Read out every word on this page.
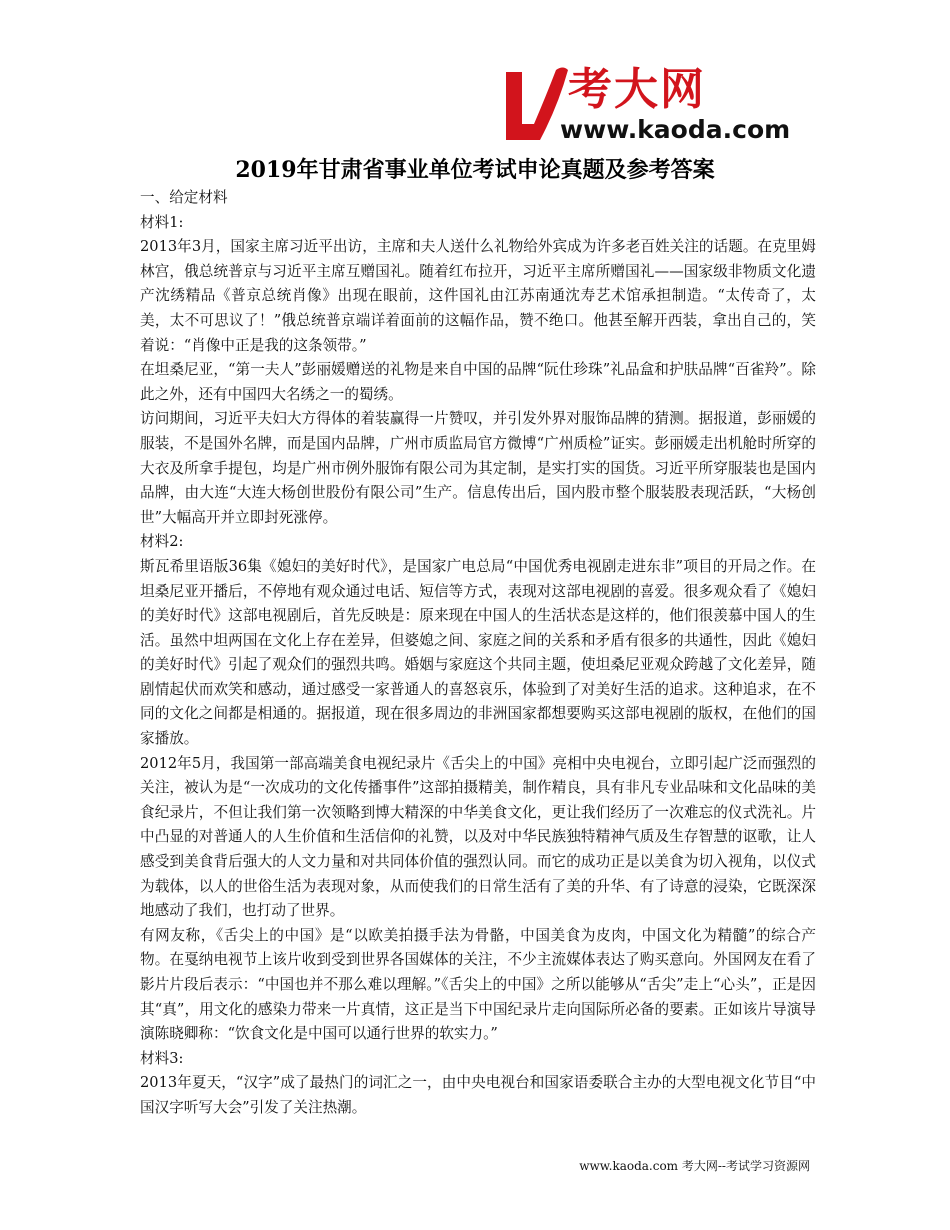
考大网
www.kaoda.com
2019年甘肃省事业单位考试申论真题及参考答案

一、给定材料

材料1:

2013年3月，国家主席习近平出访，主席和夫人送什么礼物给外宾成为许多老百姓关注的话题。在克里姆林宫，俄总统普京与习近平主席互赠国礼。随着红布拉开，习近平主席所赠国礼——国家级非物质文化遗产沈绣精品《普京总统肖像》出现在眼前，这件国礼由江苏南通沈寿艺术馆承担制造。“太传奇了，太美，太不可思议了！”俄总统普京端详着面前的这幅作品，赞不绝口。他甚至解开西装，拿出自己的，笑着说：“肖像中正是我的这条领带。”

在坦桑尼亚，“第一夫人”彭丽媛赠送的礼物是来自中国的品牌“阮仕珍珠”礼品盒和护肤品牌“百雀羚”。除此之外，还有中国四大名绣之一的蜀绣。

访问期间，习近平夫妇大方得体的着装赢得一片赞叹，并引发外界对服饰品牌的猜测。据报道，彭丽媛的服装，不是国外名牌，而是国内品牌，广州市质监局官方微博“广州质检”证实。彭丽媛走出机舱时所穿的大衣及所拿手提包，均是广州市例外服饰有限公司为其定制，是实打实的国货。习近平所穿服装也是国内品牌，由大连“大连大杨创世股份有限公司”生产。信息传出后，国内股市整个服装股表现活跃，“大杨创世”大幅高开并立即封死涨停。

材料2:

斯瓦希里语版36集《媳妇的美好时代》，是国家广电总局“中国优秀电视剧走进东非”项目的开局之作。在坦桑尼亚开播后，不停地有观众通过电话、短信等方式，表现对这部电视剧的喜爱。很多观众看了《媳妇的美好时代》这部电视剧后，首先反映是：原来现在中国人的生活状态是这样的，他们很羡慕中国人的生活。虽然中坦两国在文化上存在差异，但婆媳之间、家庭之间的关系和矛盾有很多的共通性，因此《媳妇的美好时代》引起了观众们的强烈共鸣。婚姻与家庭这个共同主题，使坦桑尼亚观众跨越了文化差异，随剧情起伏而欢笑和感动，通过感受一家普通人的喜怒哀乐，体验到了对美好生活的追求。这种追求，在不同的文化之间都是相通的。据报道，现在很多周边的非洲国家都想要购买这部电视剧的版权，在他们的国家播放。

2012年5月，我国第一部高端美食电视纪录片《舌尖上的中国》亮相中央电视台，立即引起广泛而强烈的关注，被认为是“一次成功的文化传播事件”这部拍摄精美，制作精良，具有非凡专业品味和文化品味的美食纪录片，不但让我们第一次领略到博大精深的中华美食文化，更让我们经历了一次难忘的仪式洗礼。片中凸显的对普通人的人生价值和生活信仰的礼赞，以及对中华民族独特精神气质及生存智慧的讴歌，让人感受到美食背后强大的人文力量和对共同体价值的强烈认同。而它的成功正是以美食为切入视角，以仪式为载体，以人的世俗生活为表现对象，从而使我们的日常生活有了美的升华、有了诗意的浸染，它既深深地感动了我们，也打动了世界。

有网友称，《舌尖上的中国》是“以欧美拍摄手法为骨骼，中国美食为皮肉，中国文化为精髓”的综合产物。在戛纳电视节上该片收到受到世界各国媒体的关注，不少主流媒体表达了购买意向。外国网友在看了影片片段后表示：“中国也并不那么难以理解。”《舌尖上的中国》之所以能够从“舌尖”走上“心头”，正是因其“真”，用文化的感染力带来一片真情，这正是当下中国纪录片走向国际所必备的要素。正如该片导演导演陈晓卿称：“饮食文化是中国可以通行世界的软实力。”

材料3:

2013年夏天，“汉字”成了最热门的词汇之一，由中央电视台和国家语委联合主办的大型电视文化节目“中国汉字听写大会”引发了关注热潮。

www.kaoda.com 考大网--考试学习资源网
